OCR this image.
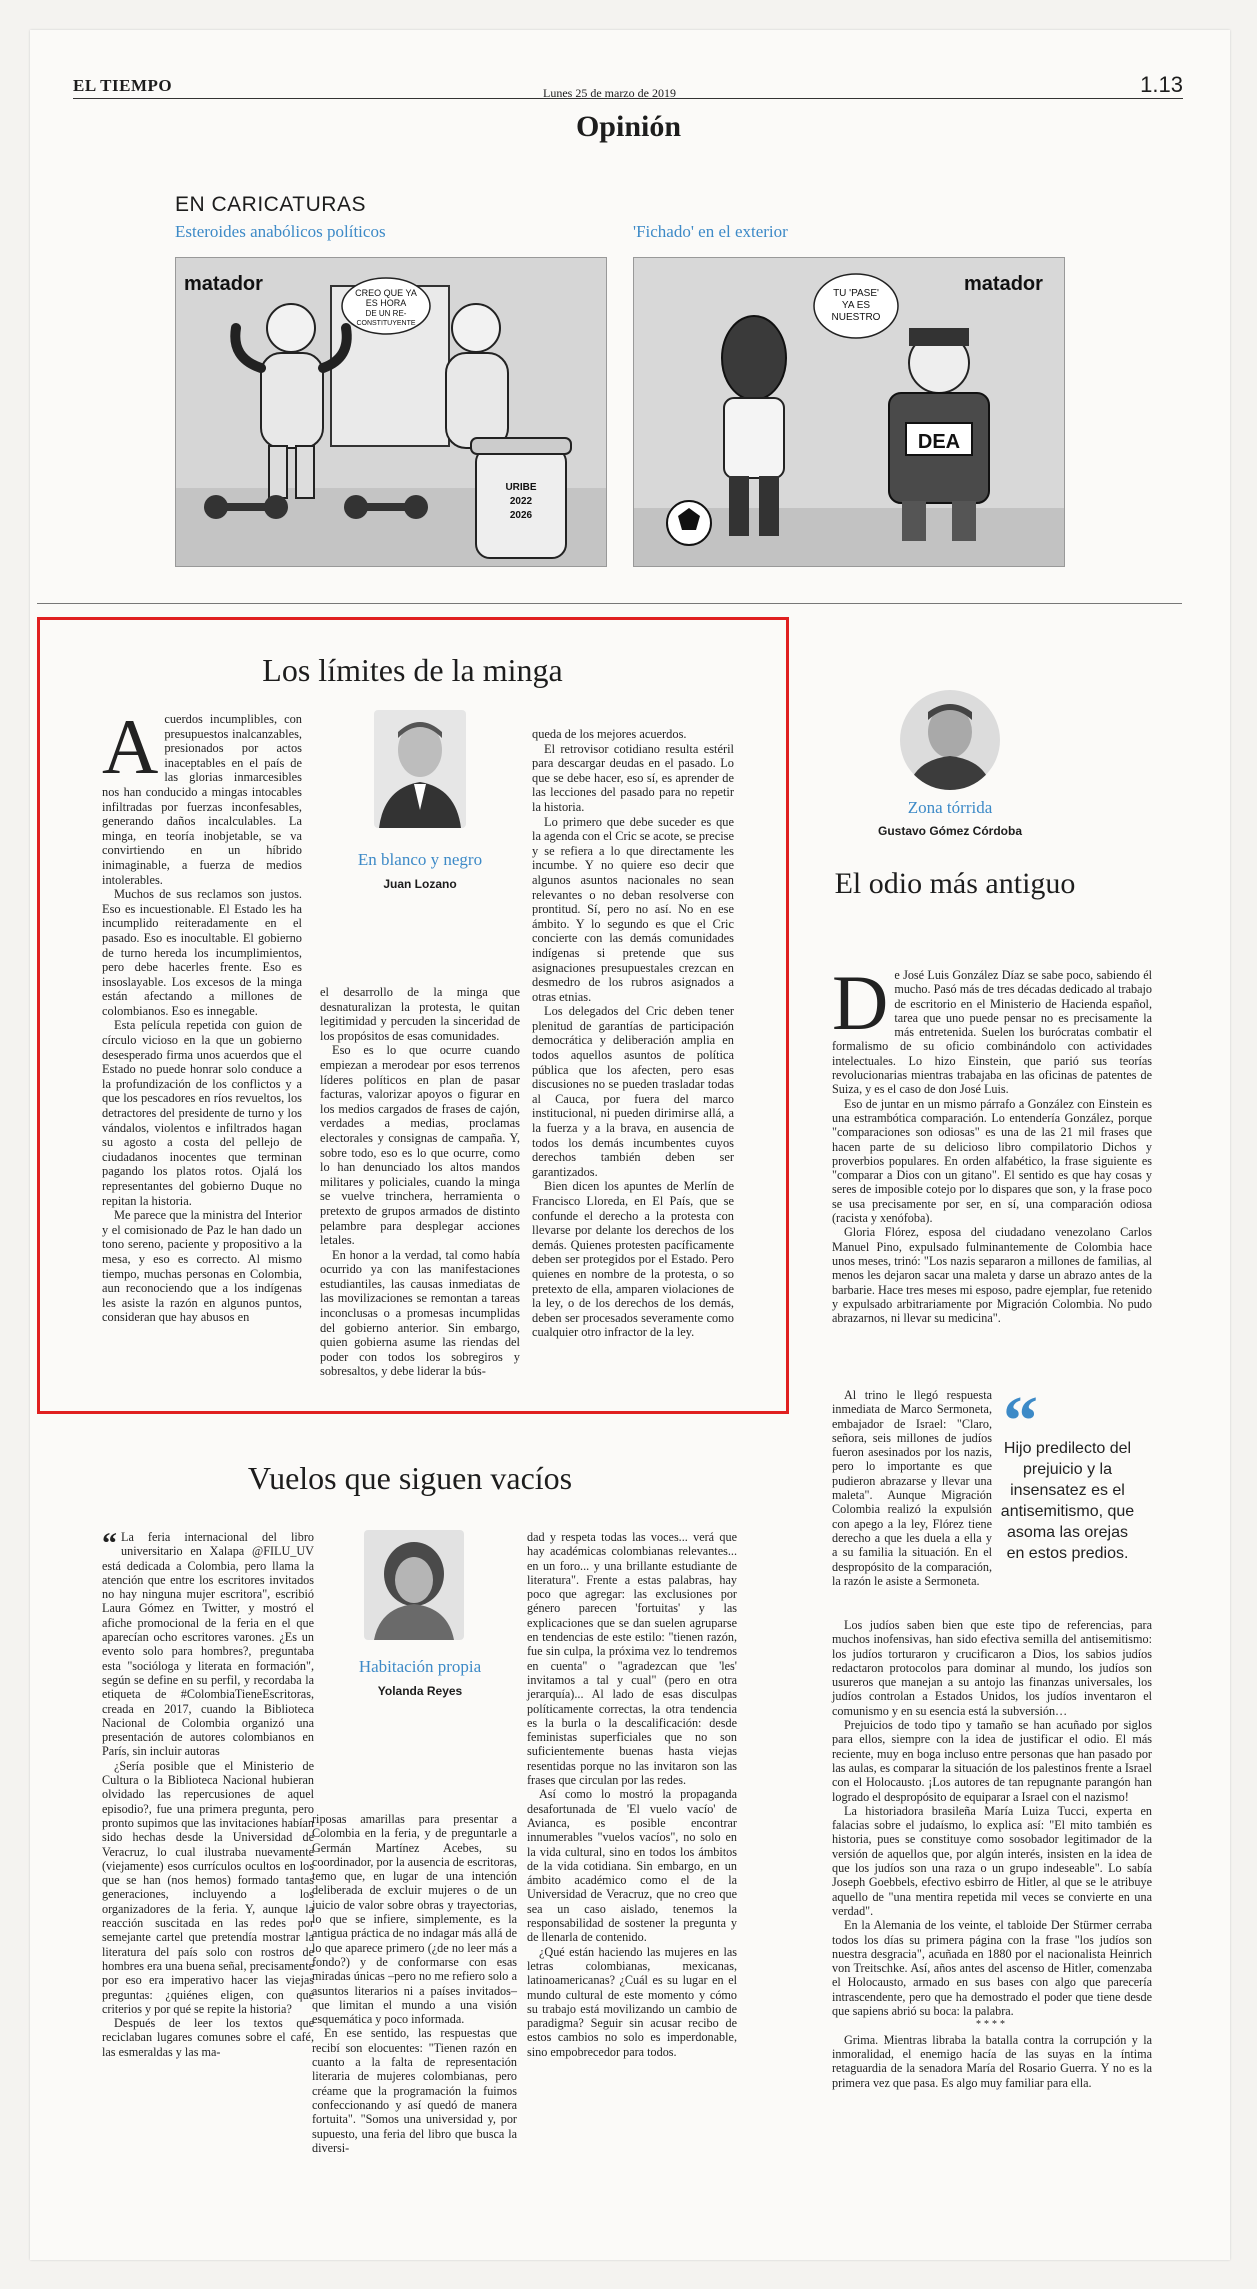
EL TIEMPO	Lunes 25 de marzo de 2019	1.13
Opinión
EN CARICATURAS
Esteroides anabólicos políticos	'Fichado' en el exterior
matador	CREO QUE YA
ES HORA
DE UN RE-
CONSTITUYENTE
URIBE
2022
2026
matador
TU 'PASE'
YA ES
NUESTRO
DEA
Los límites de la minga

Acuerdos incumplibles, con presupuestos inalcanzables, presionados por actos inaceptables en el país de las glorias inmarcesibles nos han conducido a mingas intocables infiltradas por fuerzas inconfesables, generando daños incalculables. La minga, en teoría inobjetable, se va convirtiendo en un híbrido inimaginable, a fuerza de medios intolerables.

Muchos de sus reclamos son justos. Eso es incuestionable. El Estado les ha incumplido reiteradamente en el pasado. Eso es inocultable. El gobierno de turno hereda los incumplimientos, pero debe hacerles frente. Eso es insoslayable. Los excesos de la minga están afectando a millones de colombianos. Eso es innegable.

Esta película repetida con guion de círculo vicioso en la que un gobierno desesperado firma unos acuerdos que el Estado no puede honrar solo conduce a la profundización de los conflictos y a que los pescadores en ríos revueltos, los detractores del presidente de turno y los vándalos, violentos e infiltrados hagan su agosto a costa del pellejo de ciudadanos inocentes que terminan pagando los platos rotos. Ojalá los representantes del gobierno Duque no repitan la historia.

Me parece que la ministra del Interior y el comisionado de Paz le han dado un tono sereno, paciente y propositivo a la mesa, y eso es correcto. Al mismo tiempo, muchas personas en Colombia, aun reconociendo que a los indígenas les asiste la razón en algunos puntos, consideran que hay abusos en

En blanco y negro
Juan Lozano

el desarrollo de la minga que desnaturalizan la protesta, le quitan legitimidad y percuden la sinceridad de los propósitos de esas comunidades.

Eso es lo que ocurre cuando empiezan a merodear por esos terrenos líderes políticos en plan de pasar facturas, valorizar apoyos o figurar en los medios cargados de frases de cajón, verdades a medias, proclamas electorales y consignas de campaña. Y, sobre todo, eso es lo que ocurre, como lo han denunciado los altos mandos militares y policiales, cuando la minga se vuelve trinchera, herramienta o pretexto de grupos armados de distinto pelambre para desplegar acciones letales.

En honor a la verdad, tal como había ocurrido ya con las manifestaciones estudiantiles, las causas inmediatas de las movilizaciones se remontan a tareas inconclusas o a promesas incumplidas del gobierno anterior. Sin embargo, quien gobierna asume las riendas del poder con todos los sobregiros y sobresaltos, y debe liderar la bús-

queda de los mejores acuerdos.

El retrovisor cotidiano resulta estéril para descargar deudas en el pasado. Lo que se debe hacer, eso sí, es aprender de las lecciones del pasado para no repetir la historia.

Lo primero que debe suceder es que la agenda con el Cric se acote, se precise y se refiera a lo que directamente les incumbe. Y no quiere eso decir que algunos asuntos nacionales no sean relevantes o no deban resolverse con prontitud. Sí, pero no así. No en ese ámbito. Y lo segundo es que el Cric concierte con las demás comunidades indígenas si pretende que sus asignaciones presupuestales crezcan en desmedro de los rubros asignados a otras etnias.

Los delegados del Cric deben tener plenitud de garantías de participación democrática y deliberación amplia en todos aquellos asuntos de política pública que los afecten, pero esas discusiones no se pueden trasladar todas al Cauca, por fuera del marco institucional, ni pueden dirimirse allá, a la fuerza y a la brava, en ausencia de todos los demás incumbentes cuyos derechos también deben ser garantizados.

Bien dicen los apuntes de Merlín de Francisco Lloreda, en El País, que se confunde el derecho a la protesta con llevarse por delante los derechos de los demás. Quienes protesten pacíficamente deben ser protegidos por el Estado. Pero quienes en nombre de la protesta, o so pretexto de ella, amparen violaciones de la ley, o de los derechos de los demás, deben ser procesados severamente como cualquier otro infractor de la ley.

Zona tórrida
Gustavo Gómez Córdoba
El odio más antiguo

De José Luis González Díaz se sabe poco, sabiendo él mucho. Pasó más de tres décadas dedicado al trabajo de escritorio en el Ministerio de Hacienda español, tarea que uno puede pensar no es precisamente la más entretenida. Suelen los burócratas combatir el formalismo de su oficio combinándolo con actividades intelectuales. Lo hizo Einstein, que parió sus teorías revolucionarias mientras trabajaba en las oficinas de patentes de Suiza, y es el caso de don José Luis.

Eso de juntar en un mismo párrafo a González con Einstein es una estrambótica comparación. Lo entendería González, porque "comparaciones son odiosas" es una de las 21 mil frases que hacen parte de su delicioso libro compilatorio Dichos y proverbios populares. En orden alfabético, la frase siguiente es "comparar a Dios con un gitano". El sentido es que hay cosas y seres de imposible cotejo por lo dispares que son, y la frase poco se usa precisamente por ser, en sí, una comparación odiosa (racista y xenófoba).

Gloria Flórez, esposa del ciudadano venezolano Carlos Manuel Pino, expulsado fulminantemente de Colombia hace unos meses, trinó: "Los nazis separaron a millones de familias, al menos les dejaron sacar una maleta y darse un abrazo antes de la barbarie. Hace tres meses mi esposo, padre ejemplar, fue retenido y expulsado arbitrariamente por Migración Colombia. No pudo abrazarnos, ni llevar su medicina".

Al trino le llegó respuesta inmediata de Marco Sermoneta, embajador de Israel: "Claro, señora, seis millones de judíos fueron asesinados por los nazis, pero lo importante es que pudieron abrazarse y llevar una maleta". Aunque Migración Colombia realizó la expulsión con apego a la ley, Flórez tiene derecho a que les duela a ella y a su familia la situación. En el despropósito de la comparación, la razón le asiste a Sermoneta.

“
Hijo predilecto del prejuicio y la insensatez es el antisemitismo, que asoma las orejas en estos predios.

Los judíos saben bien que este tipo de referencias, para muchos inofensivas, han sido efectiva semilla del antisemitismo: los judíos torturaron y crucificaron a Dios, los sabios judíos redactaron protocolos para dominar al mundo, los judíos son usureros que manejan a su antojo las finanzas universales, los judíos controlan a Estados Unidos, los judíos inventaron el comunismo y en su esencia está la subversión…

Prejuicios de todo tipo y tamaño se han acuñado por siglos para ellos, siempre con la idea de justificar el odio. El más reciente, muy en boga incluso entre personas que han pasado por las aulas, es comparar la situación de los palestinos frente a Israel con el Holocausto. ¡Los autores de tan repugnante parangón han logrado el despropósito de equiparar a Israel con el nazismo!

La historiadora brasileña María Luiza Tucci, experta en falacias sobre el judaísmo, lo explica así: "El mito también es historia, pues se constituye como sosobador legitimador de la versión de aquellos que, por algún interés, insisten en la idea de que los judíos son una raza o un grupo indeseable". Lo sabía Joseph Goebbels, efectivo esbirro de Hitler, al que se le atribuye aquello de "una mentira repetida mil veces se convierte en una verdad".

En la Alemania de los veinte, el tabloide Der Stürmer cerraba todos los días su primera página con la frase "los judíos son nuestra desgracia", acuñada en 1880 por el nacionalista Heinrich von Treitschke. Así, años antes del ascenso de Hitler, comenzaba el Holocausto, armado en sus bases con algo que parecería intrascendente, pero que ha demostrado el poder que tiene desde que sapiens abrió su boca: la palabra.

****

Grima. Mientras libraba la batalla contra la corrupción y la inmoralidad, el enemigo hacía de las suyas en la íntima retaguardia de la senadora María del Rosario Guerra. Y no es la primera vez que pasa. Es algo muy familiar para ella.

Vuelos que siguen vacíos

“ La feria internacional del libro universitario en Xalapa @FILU_UV está dedicada a Colombia, pero llama la atención que entre los escritores invitados no hay ninguna mujer escritora", escribió Laura Gómez en Twitter, y mostró el afiche promocional de la feria en el que aparecían ocho escritores varones. ¿Es un evento solo para hombres?, preguntaba esta "socióloga y literata en formación", según se define en su perfil, y recordaba la etiqueta de #ColombiaTieneEscritoras, creada en 2017, cuando la Biblioteca Nacional de Colombia organizó una presentación de autores colombianos en París, sin incluir autoras

¿Sería posible que el Ministerio de Cultura o la Biblioteca Nacional hubieran olvidado las repercusiones de aquel episodio?, fue una primera pregunta, pero pronto supimos que las invitaciones habían sido hechas desde la Universidad de Veracruz, lo cual ilustraba nuevamente (viejamente) esos currículos ocultos en los que se han (nos hemos) formado tantas generaciones, incluyendo a los organizadores de la feria. Y, aunque la reacción suscitada en las redes por semejante cartel que pretendía mostrar la literatura del país solo con rostros de hombres era una buena señal, precisamente por eso era imperativo hacer las viejas preguntas: ¿quiénes eligen, con qué criterios y por qué se repite la historia?

Después de leer los textos que reciclaban lugares comunes sobre el café, las esmeraldas y las ma-

Habitación propia
Yolanda Reyes

riposas amarillas para presentar a Colombia en la feria, y de preguntarle a Germán Martínez Acebes, su coordinador, por la ausencia de escritoras, temo que, en lugar de una intención deliberada de excluir mujeres o de un juicio de valor sobre obras y trayectorias, lo que se infiere, simplemente, es la antigua práctica de no indagar más allá de lo que aparece primero (¿de no leer más a fondo?) y de conformarse con esas miradas únicas –pero no me refiero solo a asuntos literarios ni a países invitados– que limitan el mundo a una visión esquemática y poco informada.

En ese sentido, las respuestas que recibí son elocuentes: "Tienen razón en cuanto a la falta de representación literaria de mujeres colombianas, pero créame que la programación la fuimos confeccionando y así quedó de manera fortuita". "Somos una universidad y, por supuesto, una feria del libro que busca la diversi-

dad y respeta todas las voces... verá que hay académicas colombianas relevantes... en un foro... y una brillante estudiante de literatura". Frente a estas palabras, hay poco que agregar: las exclusiones por género parecen 'fortuitas' y las explicaciones que se dan suelen agruparse en tendencias de este estilo: "tienen razón, fue sin culpa, la próxima vez lo tendremos en cuenta" o "agradezcan que 'les' invitamos a tal y cual" (pero en otra jerarquía)... Al lado de esas disculpas políticamente correctas, la otra tendencia es la burla o la descalificación: desde feministas superficiales que no son suficientemente buenas hasta viejas resentidas porque no las invitaron son las frases que circulan por las redes.

Así como lo mostró la propaganda desafortunada de 'El vuelo vacío' de Avianca, es posible encontrar innumerables "vuelos vacíos", no solo en la vida cultural, sino en todos los ámbitos de la vida cotidiana. Sin embargo, en un ámbito académico como el de la Universidad de Veracruz, que no creo que sea un caso aislado, tenemos la responsabilidad de sostener la pregunta y de llenarla de contenido.

¿Qué están haciendo las mujeres en las letras colombianas, mexicanas, latinoamericanas? ¿Cuál es su lugar en el mundo cultural de este momento y cómo su trabajo está movilizando un cambio de paradigma? Seguir sin acusar recibo de estos cambios no solo es imperdonable, sino empobrecedor para todos.
